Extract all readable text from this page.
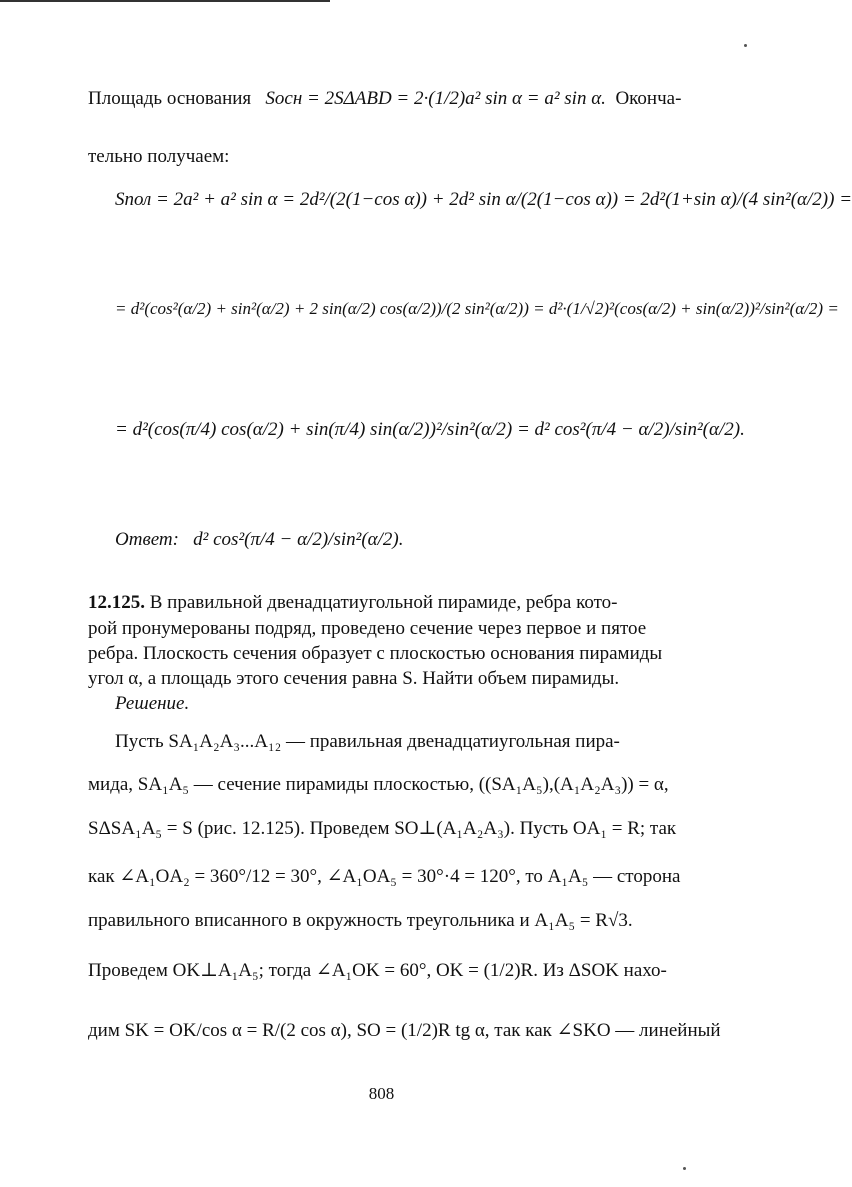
Площадь основания Sосн = 2SΔABD = 2·(1/2)a² sin α = a² sin α. Оконча-
тельно получаем:
Sпол = 2a² + a² sin α = 2d²/(2(1−cos α)) + 2d² sin α/(2(1−cos α)) = 2d²(1+sin α)/(4 sin²(α/2)) =
= d²(cos²(α/2) + sin²(α/2) + 2 sin(α/2) cos(α/2))/(2 sin²(α/2)) = d²·(1/√2)²(cos(α/2) + sin(α/2))²/sin²(α/2) =
= d²(cos(π/4) cos(α/2) + sin(π/4) sin(α/2))²/sin²(α/2) = d² cos²(π/4 − α/2)/sin²(α/2).
Ответ: d² cos²(π/4 − α/2)/sin²(α/2).
12.125. В правильной двенадцатиугольной пирамиде, ребра кото-
рой пронумерованы подряд, проведено сечение через первое и пятое
ребра. Плоскость сечения образует с плоскостью основания пирамиды
угол α, а площадь этого сечения равна S. Найти объем пирамиды.
Решение.
Пусть SA₁A₂A₃...A₁₂ — правильная двенадцатиугольная пира-
мида, SA₁A₅ — сечение пирамиды плоскостью, ((SA₁A₅),(A₁A₂A₃)) = α,
SΔSA₁A₅ = S (рис. 12.125). Проведем SO⊥(A₁A₂A₃). Пусть OA₁ = R; так
как ∠A₁OA₂ = 360°/12 = 30°, ∠A₁OA₅ = 30°·4 = 120°, то A₁A₅ — сторона
правильного вписанного в окружность треугольника и A₁A₅ = R√3.
Проведем OK⊥A₁A₅; тогда ∠A₁OK = 60°, OK = (1/2)R. Из ΔSOK нахо-
дим SK = OK/cos α = R/(2 cos α), SO = (1/2)R tg α, так как ∠SKO — линейный
808
